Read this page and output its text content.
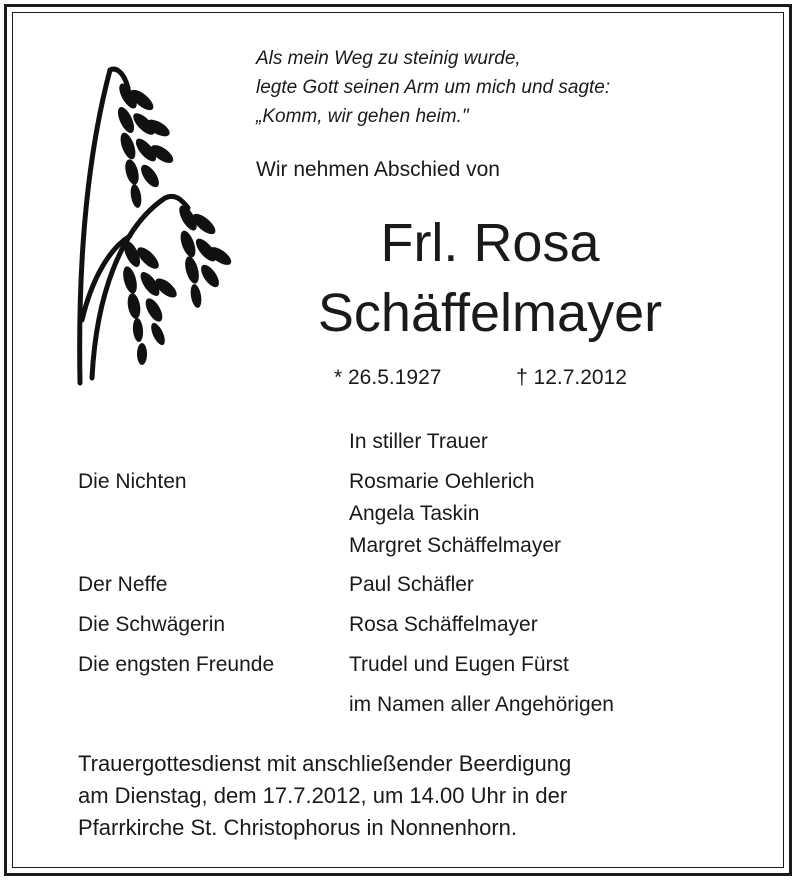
Als mein Weg zu steinig wurde,
legte Gott seinen Arm um mich und sagte:
„Komm, wir gehen heim."
Wir nehmen Abschied von
Frl. Rosa
Schäffelmayer
* 26.5.1927	† 12.7.2012
In stiller Trauer
Die Nichten	Rosmarie Oehlerich
Angela Taskin
Margret Schäffelmayer
Der Neffe	Paul Schäfler
Die Schwägerin	Rosa Schäffelmayer
Die engsten Freunde	Trudel und Eugen Fürst
im Namen aller Angehörigen
Trauergottesdienst mit anschließender Beerdigung
am Dienstag, dem 17.7.2012, um 14.00 Uhr in der
Pfarrkirche St. Christophorus in Nonnenhorn.
